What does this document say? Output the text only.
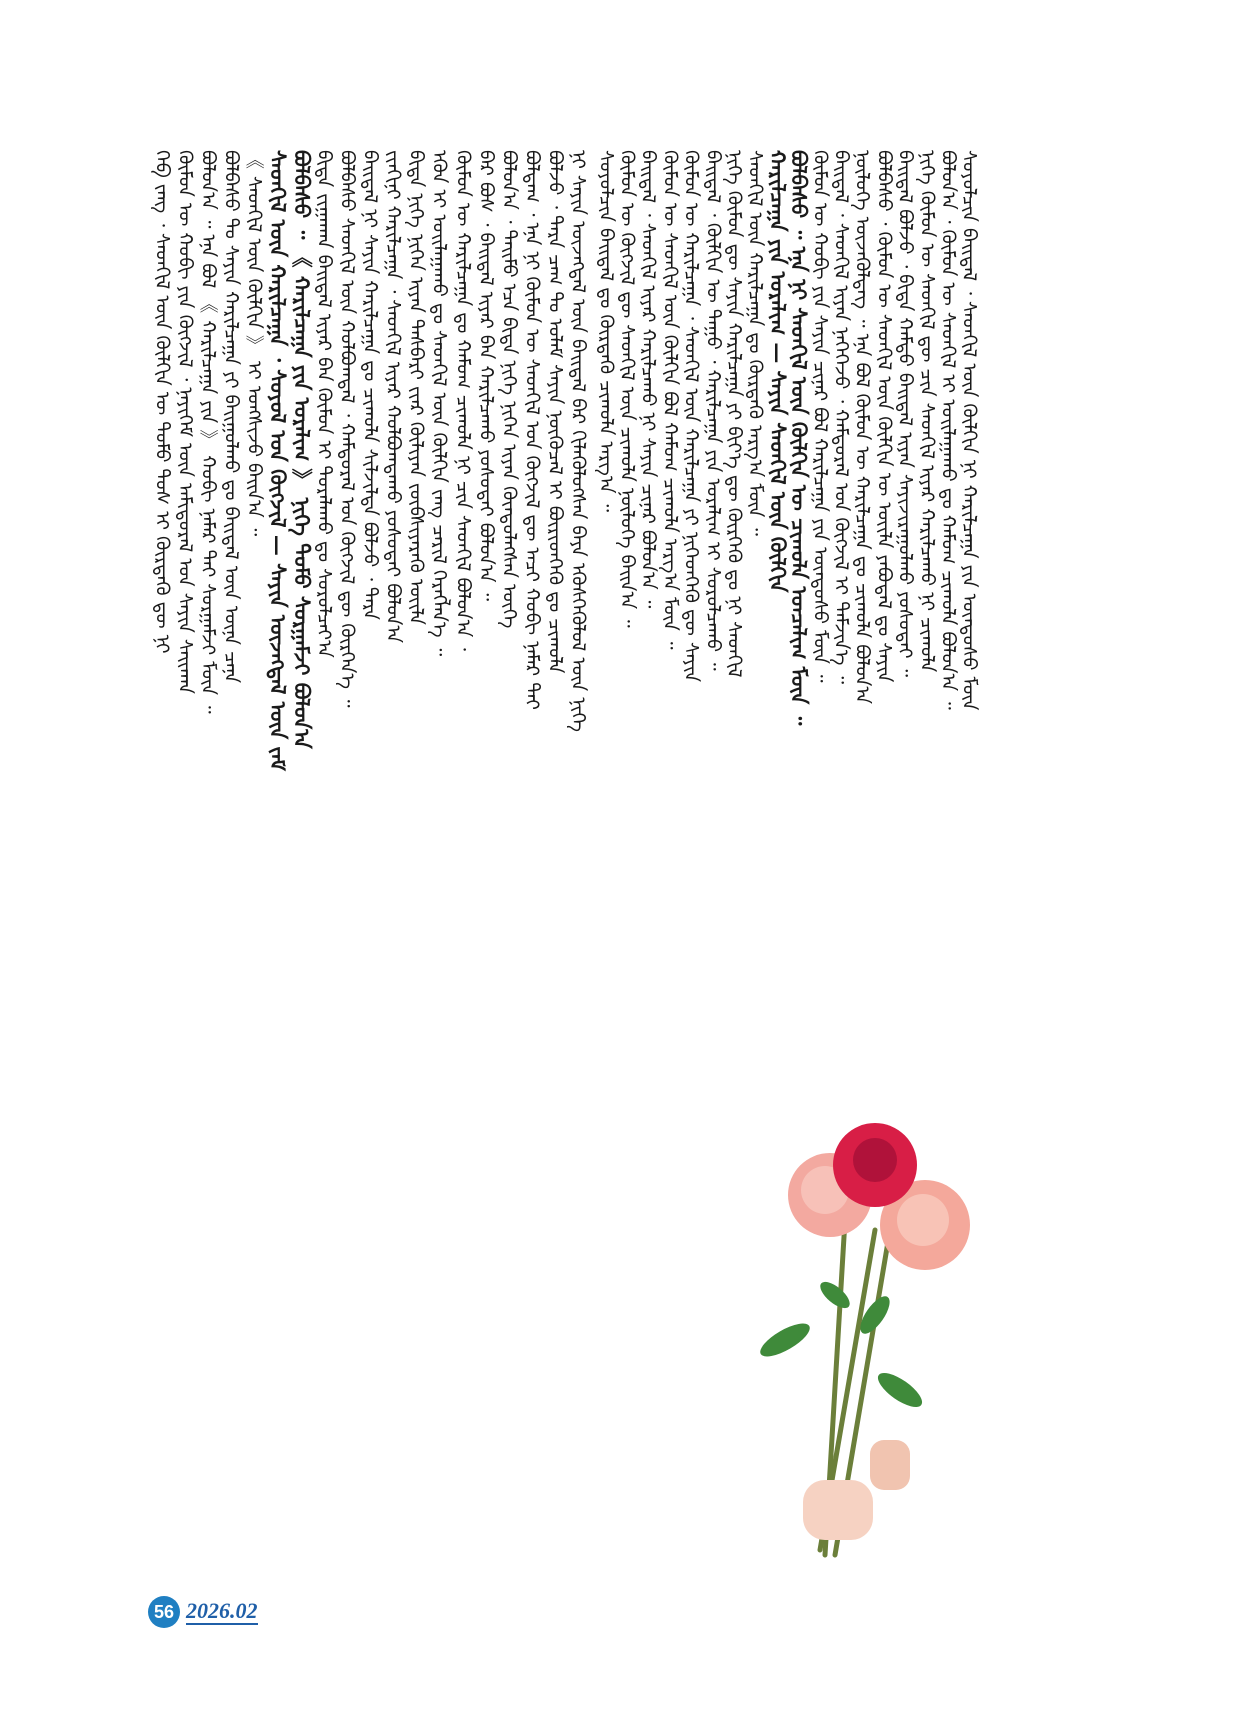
ᠨᠢ ᠰᠠᠶᠢᠨ ᠦᠵᠡᠭᠳᠡᠯ ᠦᠨ ᠪᠠᠢᠳᠠᠯ ᠪᠡᠷ ᠬᠢᠯᠡᠭᠦᠯᠦᠭᠰᠡᠨ ᠪᠡᠶᠡ ᠡᠭᠦᠰᠬᠡᠭᠦᠯᠦᠯ ᠦᠨ ᠨᠢᠭᠡ
ᠪᠣᠯᠵᠤ ᠂ ᠲᠡᠷᠡ ᠴᠠᠭ ᠲᠤ ᠤᠯᠠᠮ ᠰᠠᠶᠢᠨ ᠨᠥᠬᠦᠴᠡᠯ ᠢ ᠪᠦᠷᠢᠳᠬᠡᠬᠦ ᠳᠤ ᠴᠢᠬᠤᠯᠠ
ᠪᠣᠯᠳᠠᠭ ᠂ ᠡᠨᠡ ᠨᠢ ᠬᠦᠮᠦᠨ ᠦ ᠰᠡᠳᠬᠢᠯ ᠤᠨ ᠬᠥᠭᠵᠢᠯ ᠳᠦ ᠠᠴᠢ ᠬᠤᠪᠢ ᠨᠡᠮᠡᠷ ᠲᠡᠢ
ᠪᠣᠯᠤᠨ᠎ᠠ ᠂ ᠲᠡᠢᠮᠦ ᠡᠴᠡ ᠪᠢᠳᠡ ᠨᠢᠭᠡ ᠨᠢᠭᠡᠨ ᠢᠶᠡᠨ ᠬᠥᠨᠳᠦᠯᠡᠭᠰᠡᠨ ᠦᠭᠡ
ᠪᠠᠷ ᠪᠤᠰ ᠂ ᠪᠠᠢᠳᠠᠯ ᠢᠶᠡᠷ ᠪᠠᠨ ᠬᠠᠷᠢᠯᠴᠠᠬᠤ ᠶᠣᠰᠣᠲᠠᠢ ᠪᠣᠯᠤᠨ᠎ᠠ ᠃
ᠬᠦᠮᠦᠨ ᠦ ᠬᠠᠷᠢᠯᠴᠠᠭᠠ ᠳᠤ ᠬᠠᠮᠤᠭ ᠴᠢᠬᠤᠯᠠ ᠨᠢ ᠴᠢᠨ ᠰᠡᠳᠬᠢᠯ ᠪᠣᠯᠤᠨ᠎ᠠ ᠂
ᠡᠭᠦᠨ ᠢ ᠣᠢᠯᠠᠭᠠᠬᠤ ᠳᠤ ᠰᠡᠳᠬᠢᠯ ᠦᠨ ᠬᠥᠯᠬᠢᠨ ᠵᠠᠩ ᠴᠠᠷᠢᠯ ᠬᠡᠷᠡᠭᠯᠡᠨ᠎ᠡ ᠃
ᠪᠢᠳᠡ ᠨᠢᠭᠡ ᠨᠢᠭᠡᠨ ᠢᠶᠡᠨ ᠲᠡᠰᠪᠡᠷᠢ ᠵᠢᠡᠷ ᠬᠦᠯᠢᠶᠡᠨ ᠵᠥᠪᠰᠢᠶᠡᠷᠡᠬᠦ ᠦᠢᠯᠡ
ᠵᠢᠨᠬᠢᠨᠢ ᠬᠠᠷᠢᠯᠴᠠᠭᠠ ᠂ ᠰᠡᠳᠬᠢᠯ ᠢᠶᠡᠷ ᠬᠣᠯᠪᠣᠭᠳᠠᠬᠤ ᠶᠣᠰᠣᠲᠠᠢ ᠪᠣᠯᠤᠨ᠎ᠠ
ᠪᠠᠢᠳᠠᠯ ᠨᠢ ᠰᠠᠶᠢᠨ ᠬᠠᠷᠢᠯᠴᠠᠭᠠ ᠳᠤ ᠴᠢᠬᠤᠯᠠ ᠰᠢᠯᠵᠢᠯᠲᠡ ᠪᠣᠯᠵᠤ ᠂ ᠲᠡᠷᠡ
ᠪᠣᠯᠪᠠᠰᠤ ᠰᠡᠳᠬᠢᠯ ᠦᠨ ᠬᠣᠯᠪᠣᠭᠳᠠᠯ ᠂ ᠬᠠᠮᠲᠤᠷᠠᠯ ᠤᠨ ᠬᠥᠭᠵᠢᠯ ᠳᠦ ᠬᠦᠷᠭᠡᠨ᠎ᠡ ᠃
ᠪᠢᠳᠡ ᠵᠢᠭᠠᠬᠠᠨ ᠪᠠᠢᠳᠠᠯ ᠢᠶᠡᠷ ᠪᠠᠨ ᠬᠦᠮᠦᠨ ᠢ ᠳᠤᠷᠠᠯᠠᠬᠤ ᠳᠤ ᠰᠤᠷᠤᠯᠴᠠᠶ᠎ᠠ
ᠪᠣᠯᠪᠠᠰᠤ ᠃ 《 ᠬᠠᠷᠢᠯᠴᠠᠭᠠ ᠶᠢᠨ ᠤᠷᠠᠯᠢᠭ 》 ᠨᠢᠭᠡ ᠲᠣᠮᠣ ᠰᠤᠷᠭᠠᠮᠵᠢ ᠪᠣᠯᠤᠨ᠎ᠠ
ᠰᠡᠳᠬᠢᠯ ᠦᠨ ᠬᠠᠷᠢᠯᠴᠠᠭᠠ ᠂ ᠰᠣᠶᠣᠯ ᠤᠨ ᠬᠥᠭᠵᠢᠯ — ᠰᠠᠶᠢᠨ ᠦᠵᠡᠭᠳᠡᠯ ᠦᠨ ᠵᠠᠮ
《 ᠰᠡᠳᠬᠢᠯ ᠦᠨ ᠬᠥᠯᠬᠢᠨ 》 ᠢ ᠤᠩᠰᠢᠵᠤ ᠪᠠᠢᠨ᠎ᠠ ᠃
ᠪᠣᠯᠪᠠᠰᠤ ᠲᠤ ᠰᠠᠶᠢᠨ ᠬᠠᠷᠢᠯᠴᠠᠭᠠ ᠶᠢ ᠪᠠᠢᠭᠤᠯᠬᠤ ᠳᠤ ᠪᠠᠢᠳᠠᠯ ᠦᠨ ᠦᠨᠡ ᠴᠡᠨᠡ
ᠪᠣᠯᠤᠨ᠎ᠠ ᠃ ᠡᠨᠡ ᠪᠣᠯ 《 ᠬᠠᠷᠢᠯᠴᠠᠭᠠ ᠶᠢᠨ 》 ᠬᠤᠪᠢ ᠨᠡᠮᠡᠷ ᠲᠡᠢ ᠰᠤᠷᠭᠠᠮᠵᠢ ᠮᠥᠨ ᠃
ᠬᠦᠮᠦᠨ ᠦ ᠬᠤᠪᠢ ᠶᠢᠨ ᠬᠥᠭᠵᠢᠯ ᠂ ᠨᠡᠶᠢᠭᠡᠮ ᠦᠨ ᠠᠮᠢᠳᠤᠷᠠᠯ ᠤᠨ ᠰᠠᠶᠢᠨ ᠰᠠᠢᠬᠠᠨ
ᠬᠡᠪ ᠵᠠᠩ ᠂ ᠰᠡᠳᠬᠢᠯ ᠦᠨ ᠬᠥᠯᠬᠢᠨ ᠦ ᠲᠣᠮᠣ ᠲᠤᠰ ᠢ ᠬᠦᠷᠲᠡᠬᠦ ᠳᠦ ᠨᠢ	ᠰᠣᠶᠣᠯᠴᠢᠨ ᠪᠠᠢᠳᠠᠯ ᠂ ᠰᠡᠳᠬᠢᠯ ᠦᠨ ᠬᠥᠯᠬᠢᠨ ᠨᠢ ᠬᠠᠷᠢᠯᠴᠠᠭᠠ ᠶᠢᠨ ᠦᠨᠳᠦᠰᠦ ᠮᠥᠨ
ᠪᠣᠯᠤᠨ᠎ᠠ ᠂ ᠬᠦᠮᠦᠨ ᠦ ᠰᠡᠳᠬᠢᠯ ᠢ ᠤᠢᠯᠠᠭᠠᠬᠤ ᠳᠤ ᠬᠠᠮᠤᠭ ᠴᠢᠬᠤᠯᠠ ᠪᠣᠯᠤᠨ᠎ᠠ ᠃
ᠨᠢᠭᠡ ᠬᠦᠮᠦᠨ ᠦ ᠰᠡᠳᠬᠢᠯ ᠳᠦ ᠴᠢᠨ ᠰᠡᠳᠬᠢᠯ ᠢᠶᠡᠷ ᠬᠠᠷᠢᠯᠴᠠᠬᠤ ᠨᠢ ᠴᠢᠬᠤᠯᠠ
ᠪᠠᠢᠳᠠᠯ ᠪᠣᠯᠵᠤ ᠂ ᠪᠢᠳᠡ ᠬᠠᠮᠲᠤ ᠪᠠᠢᠳᠠᠯ ᠢᠶᠡᠨ ᠰᠠᠶᠢᠵᠢᠷᠠᠭᠤᠯᠬᠤ ᠶᠣᠰᠣᠲᠠᠢ ᠃
ᠪᠣᠯᠪᠠᠰᠤ ᠂ ᠬᠦᠮᠦᠨ ᠦ ᠰᠡᠳᠬᠢᠯ ᠦᠨ ᠬᠥᠯᠬᠢᠨ ᠦ ᠦᠢᠯᠡ ᠶᠠᠪᠤᠳᠠᠯ ᠳᠤ ᠰᠠᠶᠢᠨ
ᠨᠥᠯᠦᠭᠡ ᠦᠵᠡᠭᠦᠯᠳᠡᠭ ᠃ ᠡᠨᠡ ᠪᠣᠯ ᠬᠦᠮᠦᠨ ᠦ ᠬᠠᠷᠢᠯᠴᠠᠭᠠ ᠳᠤ ᠴᠢᠬᠤᠯᠠ ᠪᠣᠯᠤᠨ᠎ᠠ
ᠪᠠᠢᠳᠠᠯ ᠂ ᠰᠡᠳᠬᠢᠯ ᠢᠶᠡᠨ ᠨᠡᠭᠡᠭᠡᠵᠦ ᠂ ᠬᠠᠮᠲᠤᠷᠠᠯ ᠤᠨ ᠬᠥᠭᠵᠢᠯ ᠢ ᠳᠡᠮᠵᠢᠨ᠎ᠡ ᠃
ᠬᠦᠮᠦᠨ ᠦ ᠬᠤᠪᠢ ᠶᠢᠨ ᠰᠠᠶᠢᠨ ᠴᠢᠨᠠᠷ ᠪᠣᠯ ᠬᠠᠷᠢᠯᠴᠠᠭᠠ ᠶᠢᠨ ᠦᠨᠳᠦᠰᠦ ᠮᠥᠨ ᠃
ᠪᠣᠯᠪᠠᠰᠤ ᠃ ᠡᠨᠡ ᠨᠢ ᠰᠡᠳᠬᠢᠯ ᠦᠨ ᠬᠥᠯᠬᠢᠨ ᠦ ᠴᠢᠬᠤᠯᠠ ᠣᠨᠴᠠᠯᠢᠭ ᠮᠥᠨ ᠃
ᠬᠠᠷᠢᠯᠴᠠᠭᠠ ᠶᠢᠨ ᠤᠷᠠᠯᠢᠭ — ᠰᠠᠶᠢᠨ ᠰᠡᠳᠬᠢᠯ ᠦᠨ ᠬᠥᠯᠬᠢᠨ
ᠰᠡᠳᠬᠢᠯ ᠦᠨ ᠬᠠᠷᠢᠯᠴᠠᠭᠠ ᠳᠤ ᠬᠦᠷᠲᠡᠬᠦ ᠠᠷᠭ᠎ᠠ ᠮᠥᠨ ᠃
ᠨᠢᠭᠡ ᠬᠦᠮᠦᠨ ᠳᠦ ᠰᠠᠶᠢᠨ ᠬᠠᠷᠢᠯᠴᠠᠭᠠ ᠶᠢ ᠪᠢᠶ᠎ᠡ ᠳᠦ ᠬᠦᠷᠭᠡᠬᠦ ᠳᠤ ᠨᠢ ᠰᠡᠳᠬᠢᠯ
ᠪᠠᠢᠳᠠᠯ ᠂ ᠬᠥᠯᠬᠢᠨ ᠦ ᠳᠠᠭᠤ ᠂ ᠬᠠᠷᠢᠯᠴᠠᠭᠠ ᠶᠢᠨ ᠤᠷᠠᠯᠢᠭ ᠢ ᠰᠤᠷᠤᠯᠴᠠᠬᠤ ᠃
ᠬᠦᠮᠦᠨ ᠦ ᠬᠠᠷᠢᠯᠴᠠᠭᠠ ᠂ ᠰᠡᠳᠬᠢᠯ ᠦᠨ ᠬᠠᠷᠢᠯᠴᠠᠭᠠ ᠶᠢ ᠨᠢᠭᠡᠳᠬᠡᠬᠦ ᠳᠦ ᠰᠠᠶᠢᠨ
ᠬᠦᠮᠦᠨ ᠦ ᠰᠡᠳᠬᠢᠯ ᠦᠨ ᠬᠥᠯᠬᠢᠨ ᠪᠣᠯ ᠬᠠᠮᠤᠭ ᠴᠢᠬᠤᠯᠠ ᠠᠷᠭ᠎ᠠ ᠮᠥᠨ ᠃
ᠪᠠᠢᠳᠠᠯ ᠂ ᠰᠡᠳᠬᠢᠯ ᠢᠶᠡᠷ ᠬᠠᠷᠢᠯᠴᠠᠬᠤ ᠨᠢ ᠰᠠᠶᠢᠨ ᠴᠢᠨᠠᠷ ᠪᠣᠯᠤᠨ᠎ᠠ ᠃
ᠬᠦᠮᠦᠨ ᠦ ᠬᠥᠭᠵᠢᠯ ᠳᠦ ᠰᠡᠳᠬᠢᠯ ᠦᠨ ᠴᠢᠬᠤᠯᠠ ᠨᠥᠯᠦᠭᠡ ᠪᠠᠢᠨ᠎ᠠ ᠃
ᠰᠣᠶᠣᠯᠴᠢᠨ ᠪᠠᠢᠳᠠᠯ ᠳᠤ ᠬᠦᠷᠲᠡᠬᠦ ᠴᠢᠬᠤᠯᠠ ᠠᠷᠭ᠎ᠠ ᠃
56 2026.02
